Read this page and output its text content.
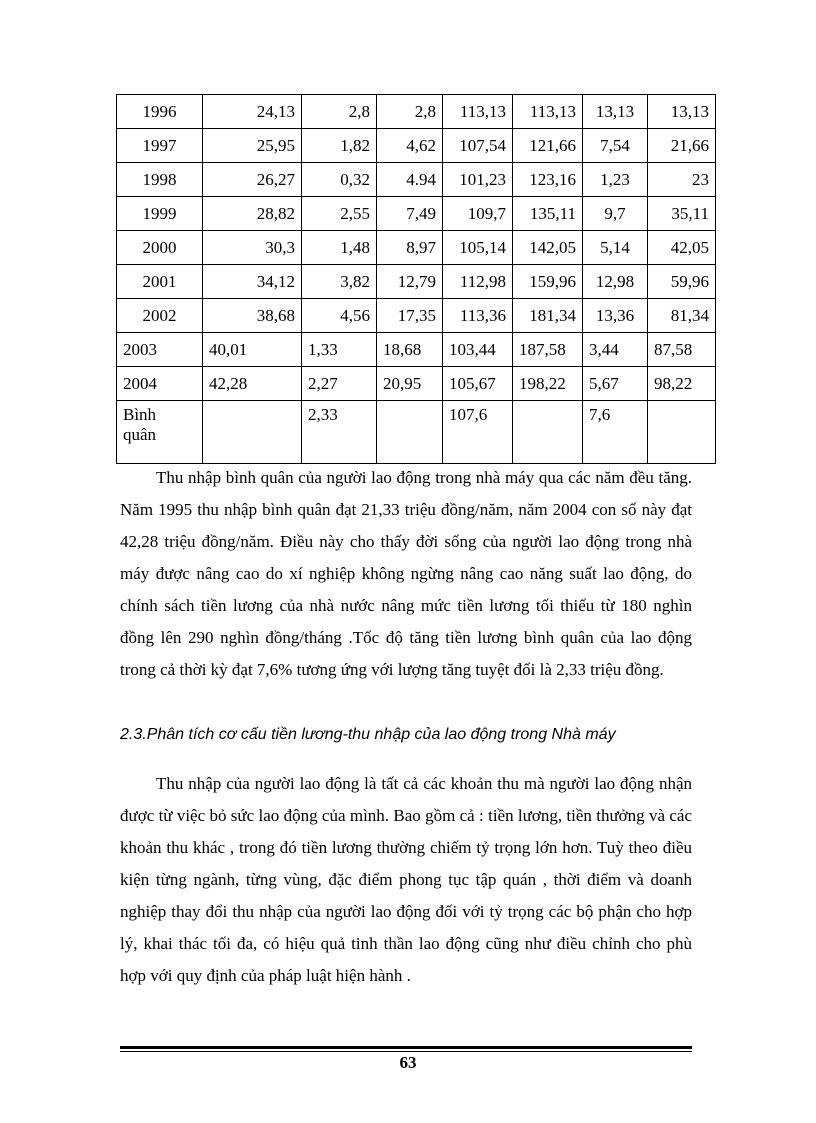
1996	24,13	2,8	2,8	113,13	113,13	13,13	13,13
1997	25,95	1,82	4,62	107,54	121,66	7,54	21,66
1998	26,27	0,32	4.94	101,23	123,16	1,23	23
1999	28,82	2,55	7,49	109,7	135,11	9,7	35,11
2000	30,3	1,48	8,97	105,14	142,05	5,14	42,05
2001	34,12	3,82	12,79	112,98	159,96	12,98	59,96
2002	38,68	4,56	17,35	113,36	181,34	13,36	81,34
2003	40,01	1,33	18,68	103,44	187,58	3,44	87,58
2004	42,28	2,27	20,95	105,67	198,22	5,67	98,22
Bình
quân		2,33		107,6		7,6	

Thu nhập bình quân của người lao động trong nhà máy qua các năm đều tăng. Năm 1995 thu nhập bình quân đạt 21,33 triệu đồng/năm, năm 2004 con số này đạt 42,28 triệu đồng/năm. Điều này cho thấy đời sống của người lao động trong nhà máy được nâng cao do xí nghiệp không ngừng nâng cao năng suất lao động, do chính sách tiền lương của nhà nước nâng mức tiền lương tối thiểu từ 180 nghìn đồng lên 290 nghìn đồng/tháng .Tốc độ tăng tiền lương bình quân của lao động trong cả thời kỳ đạt 7,6% tương ứng với lượng tăng tuyệt đối là 2,33 triệu đồng.

2.3.Phân tích cơ cấu tiền lương-thu nhập của lao động trong Nhà máy

Thu nhập của người lao động là tất cả các khoản thu mà người lao động nhận được từ việc bỏ sức lao động của mình. Bao gồm cả : tiền lương, tiền thưởng và các khoản thu khác , trong đó tiền lương thường chiếm tỷ trọng lớn hơn. Tuỳ theo điều kiện từng ngành, từng vùng, đặc điểm phong tục tập quán , thời điểm và doanh nghiệp thay đổi thu nhập của người lao động đối với tỷ trọng các bộ phận cho hợp lý, khai thác tối đa, có hiệu quả tinh thần lao động cũng như điều chỉnh cho phù hợp với quy định của pháp luật hiện hành .

63
